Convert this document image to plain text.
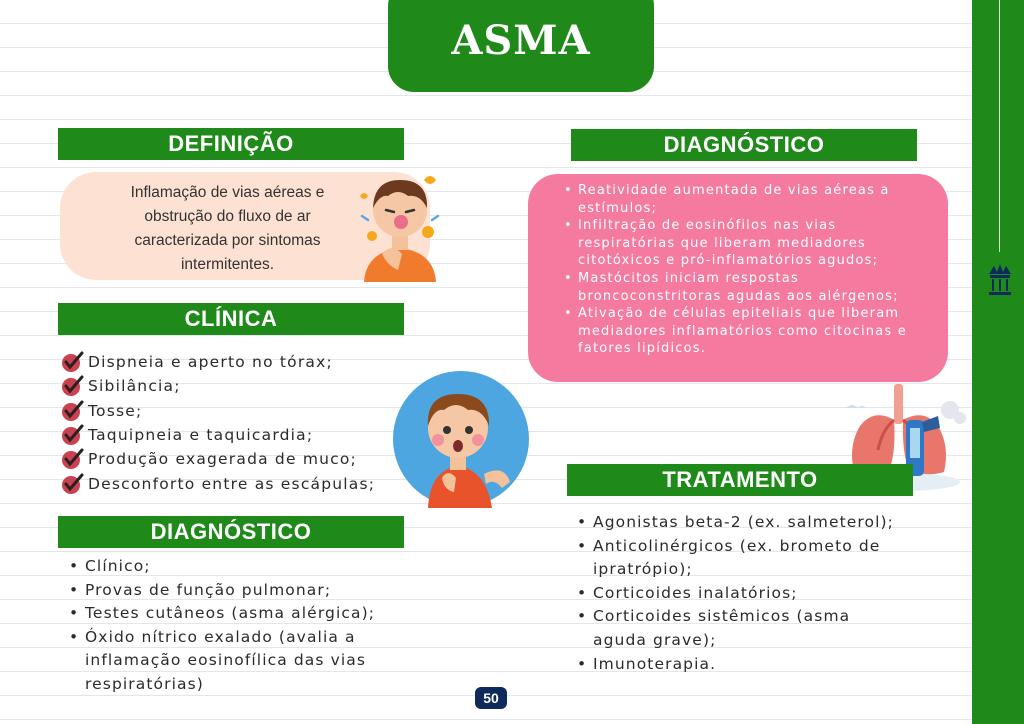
ASMA
DEFINIÇÃO
Inflamação de vias aéreas e obstrução do fluxo de ar caracterizada por sintomas intermitentes.
CLÍNICA
Dispneia e aperto no tórax;
Sibilância;
Tosse;
Taquipneia e taquicardia;
Produção exagerada de muco;
Desconforto entre as escápulas;
DIAGNÓSTICO
• Clínico;
• Provas de função pulmonar;
• Testes cutâneos (asma alérgica);
• Óxido nítrico exalado (avalia a inflamação eosinofílica das vias respiratórias)
DIAGNÓSTICO
• Reatividade aumentada de vias aéreas a estímulos;
• Infiltração de eosinófilos nas vias respiratórias que liberam mediadores citotóxicos e pró-inflamatórios agudos;
• Mastócitos iniciam respostas broncoconstritoras agudas aos alérgenos;
• Ativação de células epiteliais que liberam mediadores inflamatórios como citocinas e fatores lipídicos.
TRATAMENTO
• Agonistas beta-2 (ex. salmeterol);
• Anticolinérgicos (ex. brometo de ipratrópio);
• Corticoides inalatórios;
• Corticoides sistêmicos (asma aguda grave);
• Imunoterapia.
50
